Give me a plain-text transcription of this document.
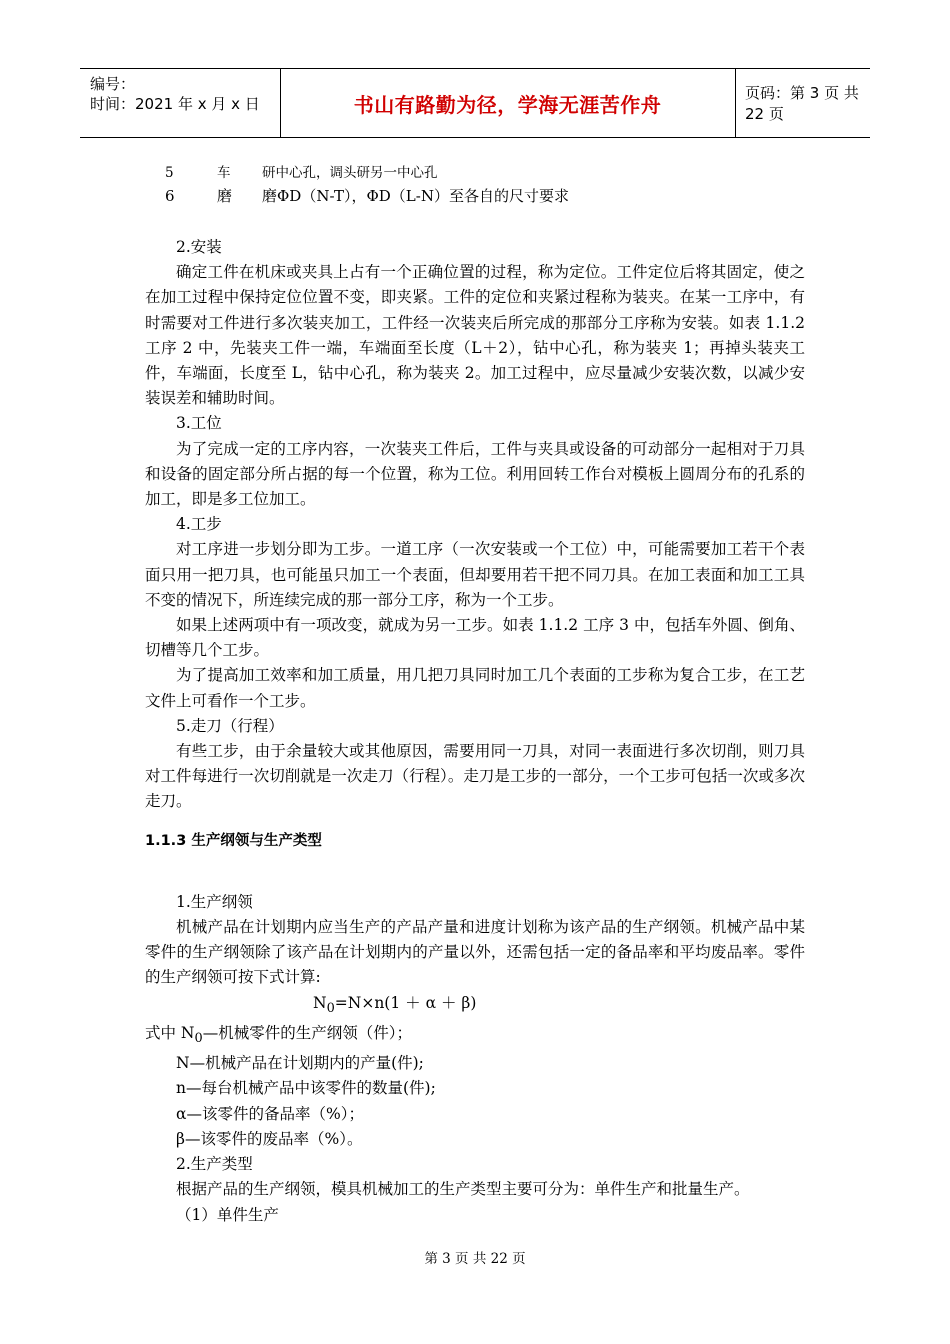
编号：
时间：2021 年 x 月 x 日	书山有路勤为径，学海无涯苦作舟	页码：第 3 页 共 22 页
5	车 研中心孔，调头研另一中心孔
6	磨 磨ΦD（N-T），ΦD（L-N）至各自的尺寸要求

2.安装

确定工件在机床或夹具上占有一个正确位置的过程，称为定位。工件定位后将其固定，使之在加工过程中保持定位位置不变，即夹紧。工件的定位和夹紧过程称为装夹。在某一工序中，有时需要对工件进行多次装夹加工，工件经一次装夹后所完成的那部分工序称为安装。如表 1.1.2 工序 2 中，先装夹工件一端，车端面至长度（L＋2），钻中心孔，称为装夹 1；再掉头装夹工件，车端面，长度至 L，钻中心孔，称为装夹 2。加工过程中，应尽量减少安装次数，以减少安装误差和辅助时间。

3.工位

为了完成一定的工序内容，一次装夹工件后，工件与夹具或设备的可动部分一起相对于刀具和设备的固定部分所占据的每一个位置，称为工位。利用回转工作台对模板上圆周分布的孔系的加工，即是多工位加工。

4.工步

对工序进一步划分即为工步。一道工序（一次安装或一个工位）中，可能需要加工若干个表面只用一把刀具，也可能虽只加工一个表面，但却要用若干把不同刀具。在加工表面和加工工具不变的情况下，所连续完成的那一部分工序，称为一个工步。

如果上述两项中有一项改变，就成为另一工步。如表 1.1.2 工序 3 中，包括车外圆、倒角、切槽等几个工步。

为了提高加工效率和加工质量，用几把刀具同时加工几个表面的工步称为复合工步，在工艺文件上可看作一个工步。

5.走刀（行程）

有些工步，由于余量较大或其他原因，需要用同一刀具，对同一表面进行多次切削，则刀具对工件每进行一次切削就是一次走刀（行程）。走刀是工步的一部分，一个工步可包括一次或多次走刀。

1.1.3 生产纲领与生产类型

1.生产纲领

机械产品在计划期内应当生产的产品产量和进度计划称为该产品的生产纲领。机械产品中某零件的生产纲领除了该产品在计划期内的产量以外，还需包括一定的备品率和平均废品率。零件的生产纲领可按下式计算:

$N_0=N\times n(1 + \alpha + \beta)$

式中 $N_0—$机械零件的生产纲领（件）；

N—机械产品在计划期内的产量(件);

n—每台机械产品中该零件的数量(件);

α—该零件的备品率（%）；

β—该零件的废品率（%）。

2.生产类型

根据产品的生产纲领，模具机械加工的生产类型主要可分为：单件生产和批量生产。

（1）单件生产

第 3 页 共 22 页
